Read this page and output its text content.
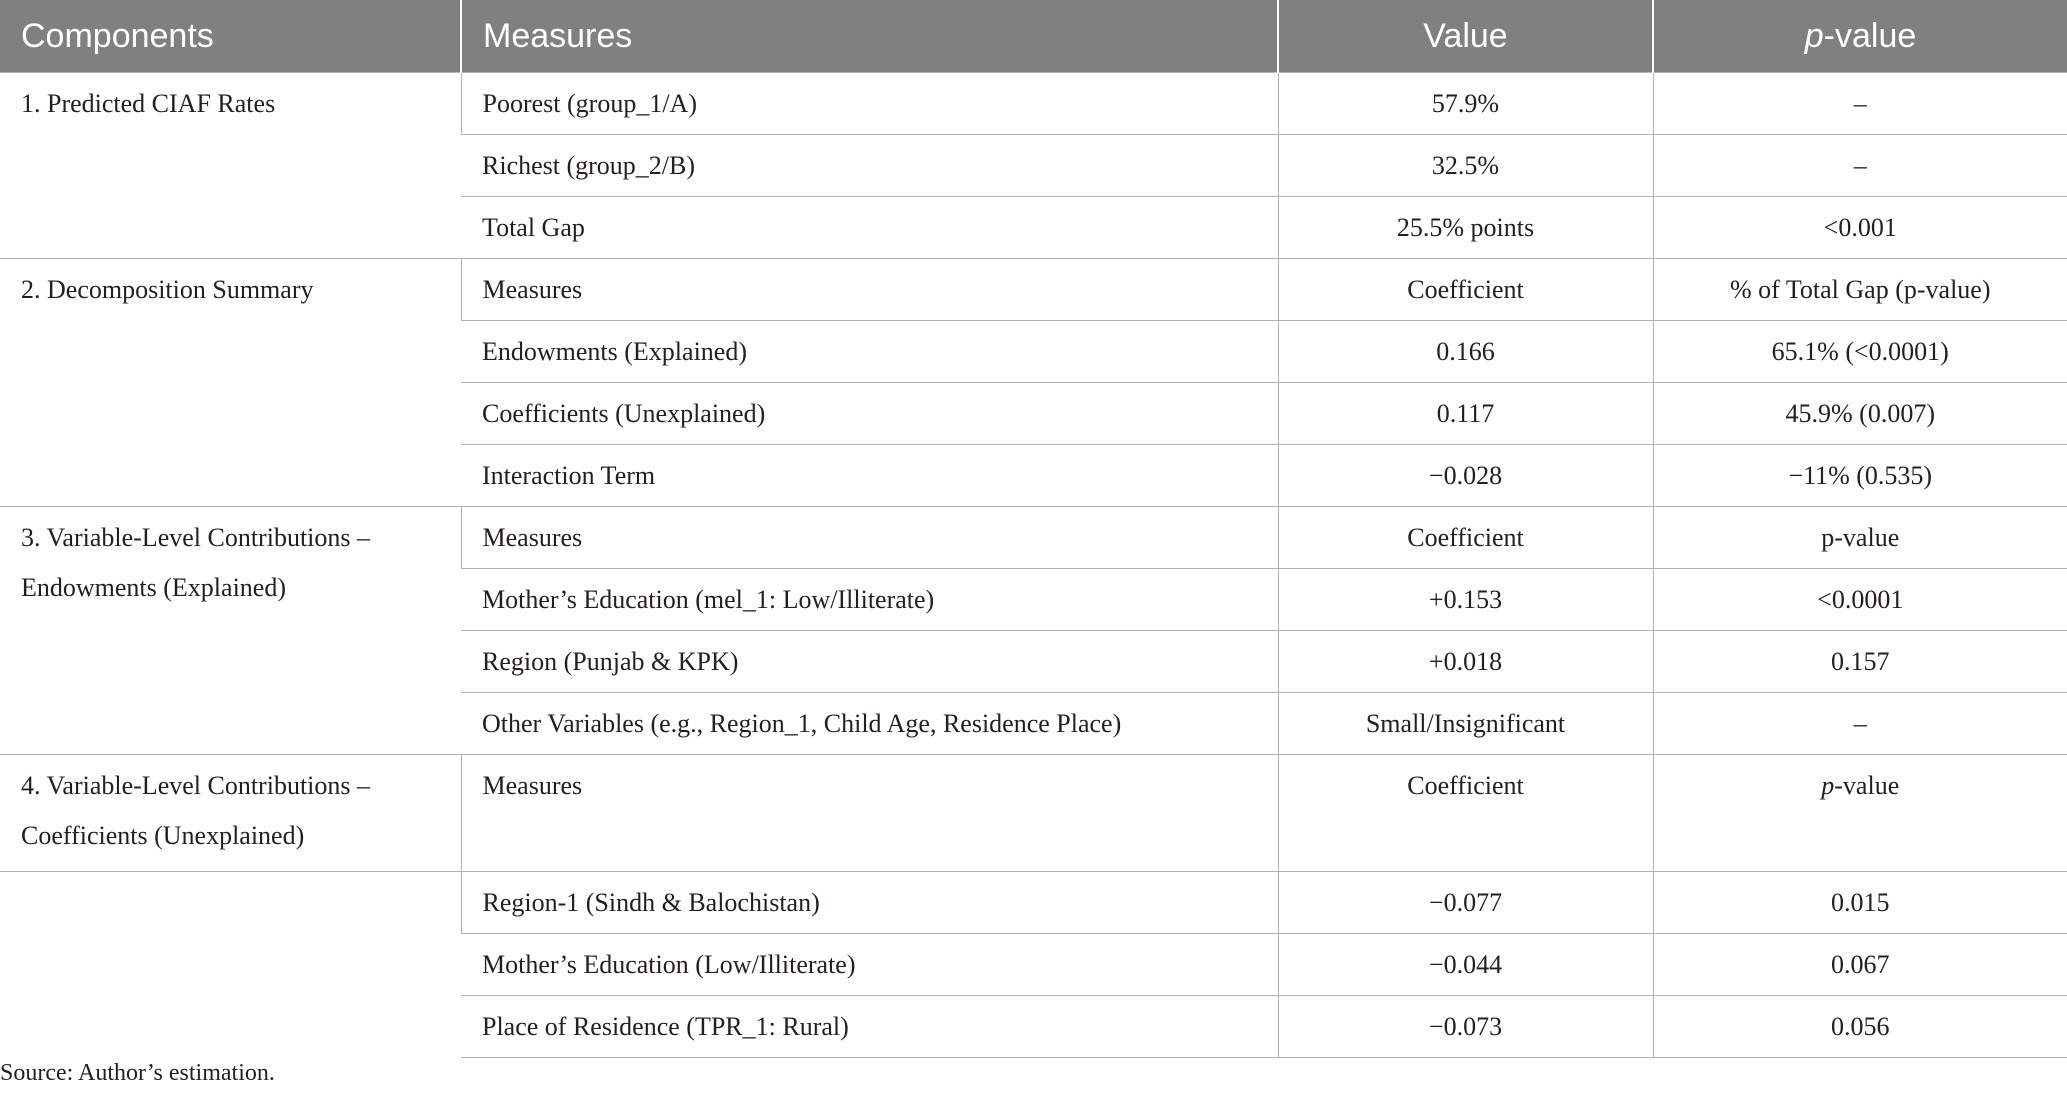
Components	Measures	Value	p-value
1. Predicted CIAF Rates	Poorest (group_1/A)	57.9%	–
	Richest (group_2/B)	32.5%	–
	Total Gap	25.5% points	<0.001
2. Decomposition Summary	Measures	Coefficient	% of Total Gap (p-value)
	Endowments (Explained)	0.166	65.1% (<0.0001)
	Coefficients (Unexplained)	0.117	45.9% (0.007)
	Interaction Term	−0.028	−11% (0.535)

3. Variable-Level Contributions –
Endowments (Explained)	Measures	Coefficient	p-value
	Mother’s Education (mel_1: Low/Illiterate)	+0.153	<0.0001
	Region (Punjab & KPK)	+0.018	0.157
	Other Variables (e.g., Region_1, Child Age, Residence Place)	Small/Insignificant	–

4. Variable-Level Contributions –
Coefficients (Unexplained)	Measures	Coefficient	p-value
	Region-1 (Sindh & Balochistan)	−0.077	0.015
	Mother’s Education (Low/Illiterate)	−0.044	0.067
	Place of Residence (TPR_1: Rural)	−0.073	0.056
Source: Author’s estimation.
